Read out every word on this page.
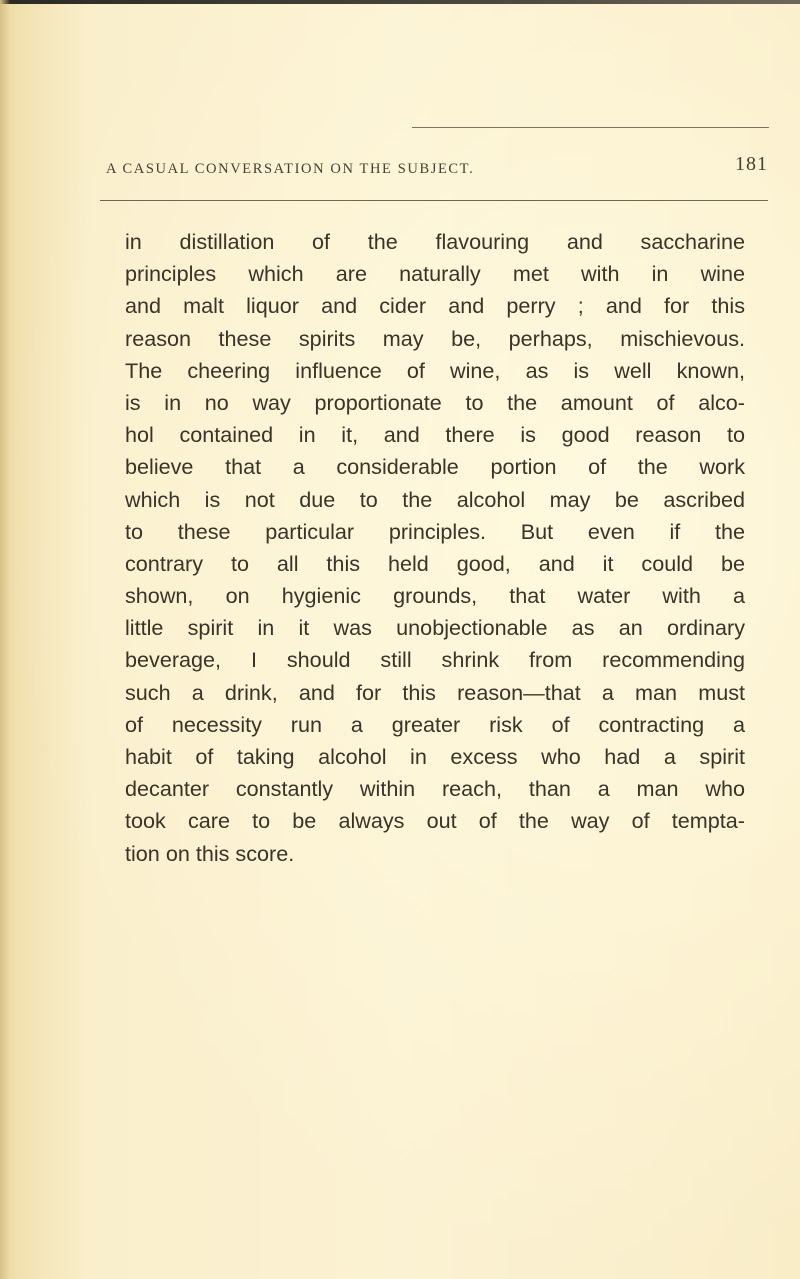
A CASUAL CONVERSATION ON THE SUBJECT.	181
in distillation of the flavouring and saccharine
principles which are naturally met with in wine
and malt liquor and cider and perry ; and for this
reason these spirits may be, perhaps, mischievous.
The cheering influence of wine, as is well known,
is in no way proportionate to the amount of alco-
hol contained in it, and there is good reason to
believe that a considerable portion of the work
which is not due to the alcohol may be ascribed
to these particular principles. But even if the
contrary to all this held good, and it could be
shown, on hygienic grounds, that water with a
little spirit in it was unobjectionable as an ordinary
beverage, I should still shrink from recommending
such a drink, and for this reason—that a man must
of necessity run a greater risk of contracting a
habit of taking alcohol in excess who had a spirit
decanter constantly within reach, than a man who
took care to be always out of the way of tempta-
tion on this score.
